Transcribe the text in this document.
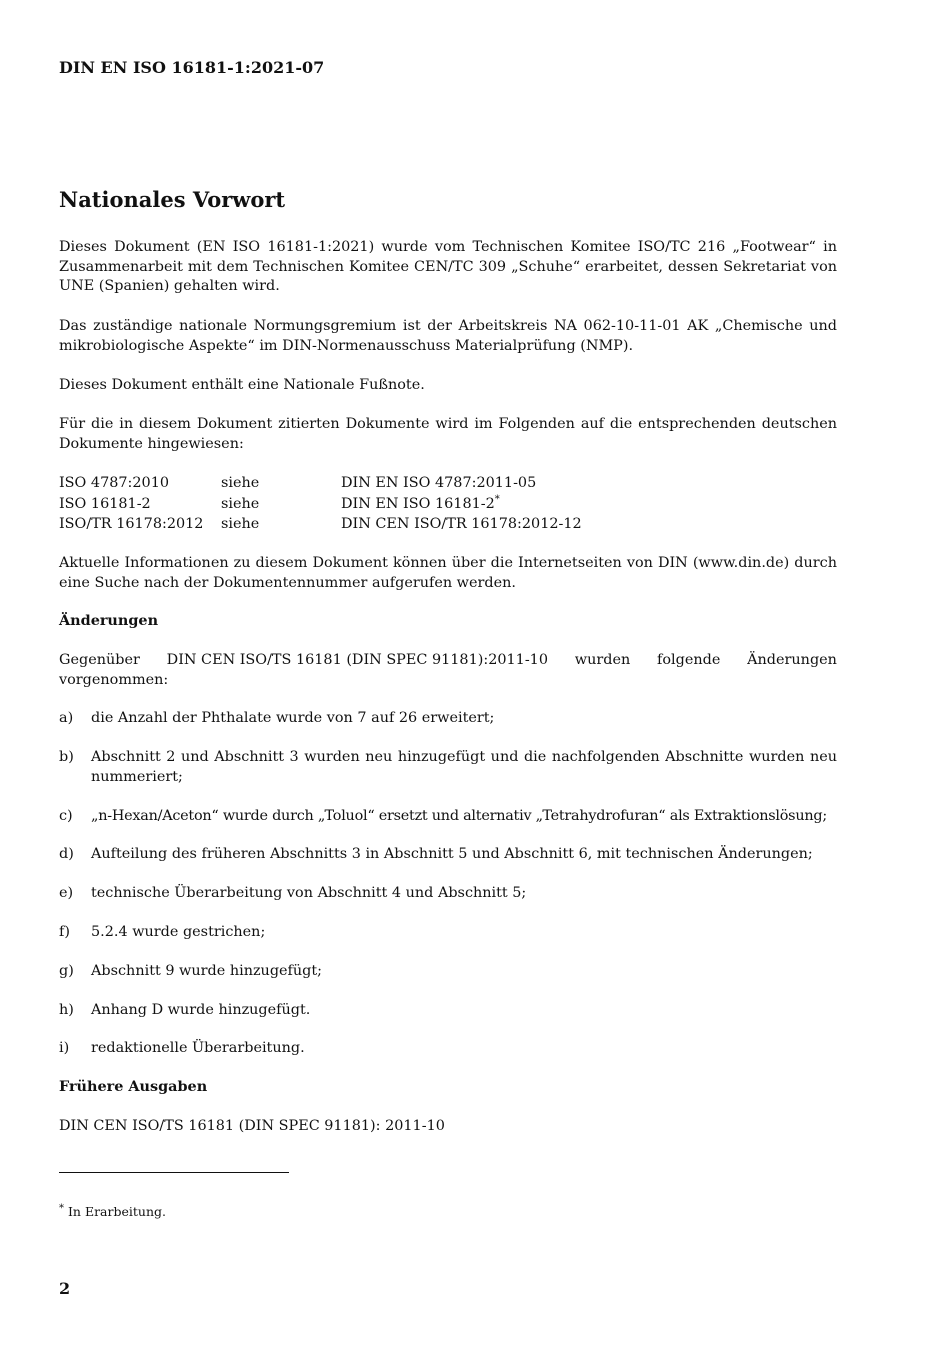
DIN EN ISO 16181-1:2021-07
Nationales Vorwort
Dieses Dokument (EN ISO 16181-1:2021) wurde vom Technischen Komitee ISO/TC 216 „Footwear“ in Zusammenarbeit mit dem Technischen Komitee CEN/TC 309 „Schuhe“ erarbeitet, dessen Sekretariat von UNE (Spanien) gehalten wird.
Das zuständige nationale Normungsgremium ist der Arbeitskreis NA 062-10-11-01 AK „Chemische und mikrobiologische Aspekte“ im DIN-Normenausschuss Materialprüfung (NMP).
Dieses Dokument enthält eine Nationale Fußnote.
Für die in diesem Dokument zitierten Dokumente wird im Folgenden auf die entsprechenden deutschen Dokumente hingewiesen:
ISO 4787:2010	siehe	DIN EN ISO 4787:2011-05
ISO 16181-2	siehe	DIN EN ISO 16181-2*
ISO/TR 16178:2012 siehe	DIN CEN ISO/TR 16178:2012-12
Aktuelle Informationen zu diesem Dokument können über die Internetseiten von DIN (www.din.de) durch eine Suche nach der Dokumentennummer aufgerufen werden.
Änderungen
Gegenüber DIN CEN ISO/TS 16181 (DIN SPEC 91181):2011-10 wurden folgende Änderungen
vorgenommen:
a)	die Anzahl der Phthalate wurde von 7 auf 26 erweitert;
b)	Abschnitt 2 und Abschnitt 3 wurden neu hinzugefügt und die nachfolgenden Abschnitte wurden neu nummeriert;
c)	„n-Hexan/Aceton“ wurde durch „Toluol“ ersetzt und alternativ „Tetrahydrofuran“ als Extraktionslösung;
d)	Aufteilung des früheren Abschnitts 3 in Abschnitt 5 und Abschnitt 6, mit technischen Änderungen;
e)	technische Überarbeitung von Abschnitt 4 und Abschnitt 5;
f)	5.2.4 wurde gestrichen;
g)	Abschnitt 9 wurde hinzugefügt;
h)	Anhang D wurde hinzugefügt.
i)	redaktionelle Überarbeitung.
Frühere Ausgaben
DIN CEN ISO/TS 16181 (DIN SPEC 91181): 2011-10
* In Erarbeitung.
2
